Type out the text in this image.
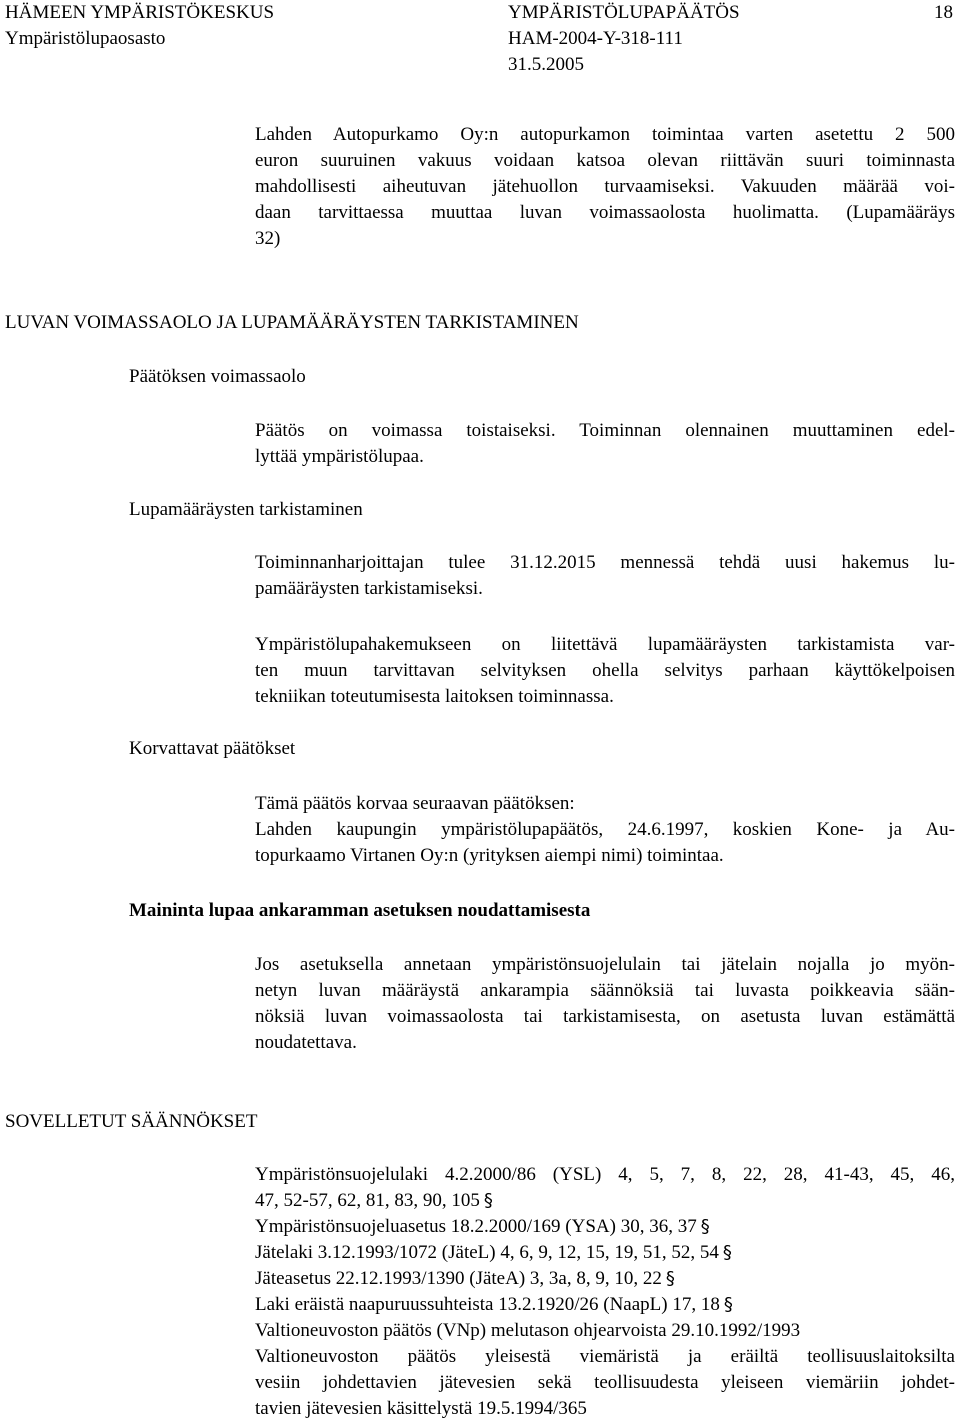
HÄMEEN YMPÄRISTÖKESKUS
Ympäristölupaosasto
YMPÄRISTÖLUPAPÄÄTÖS
HAM-2004-Y-318-111
31.5.2005
18
Lahden Autopurkamo Oy:n autopurkamon toimintaa varten asetettu 2 500
euron suuruinen vakuus voidaan katsoa olevan riittävän suuri toiminnasta
mahdollisesti aiheutuvan jätehuollon turvaamiseksi. Vakuuden määrää voi-
daan tarvittaessa muuttaa luvan voimassaolosta huolimatta. (Lupamääräys
32)
LUVAN VOIMASSAOLO JA LUPAMÄÄRÄYSTEN TARKISTAMINEN
Päätöksen voimassaolo
Päätös on voimassa toistaiseksi. Toiminnan olennainen muuttaminen edel-
lyttää ympäristölupaa.
Lupamääräysten tarkistaminen
Toiminnanharjoittajan tulee 31.12.2015 mennessä tehdä uusi hakemus lu-
pamääräysten tarkistamiseksi.
Ympäristölupahakemukseen on liitettävä lupamääräysten tarkistamista var-
ten muun tarvittavan selvityksen ohella selvitys parhaan käyttökelpoisen
tekniikan toteutumisesta laitoksen toiminnassa.
Korvattavat päätökset
Tämä päätös korvaa seuraavan päätöksen:
Lahden kaupungin ympäristölupapäätös, 24.6.1997, koskien Kone- ja Au-
topurkaamo Virtanen Oy:n (yrityksen aiempi nimi) toimintaa.
Maininta lupaa ankaramman asetuksen noudattamisesta
Jos asetuksella annetaan ympäristönsuojelulain tai jätelain nojalla jo myön-
netyn luvan määräystä ankarampia säännöksiä tai luvasta poikkeavia sään-
nöksiä luvan voimassaolosta tai tarkistamisesta, on asetusta luvan estämättä
noudatettava.
SOVELLETUT SÄÄNNÖKSET
Ympäristönsuojelulaki 4.2.2000/86 (YSL) 4, 5, 7, 8, 22, 28, 41-43, 45, 46,
47, 52-57, 62, 81, 83, 90, 105 §
Ympäristönsuojeluasetus 18.2.2000/169 (YSA) 30, 36, 37 §
Jätelaki 3.12.1993/1072 (JäteL) 4, 6, 9, 12, 15, 19, 51, 52, 54 §
Jäteasetus 22.12.1993/1390 (JäteA) 3, 3a, 8, 9, 10, 22 §
Laki eräistä naapuruussuhteista 13.2.1920/26 (NaapL) 17, 18 §
Valtioneuvoston päätös (VNp) melutason ohjearvoista 29.10.1992/1993
Valtioneuvoston päätös yleisestä viemäristä ja eräiltä teollisuuslaitoksilta
vesiin johdettavien jätevesien sekä teollisuudesta yleiseen viemäriin johdet-
tavien jätevesien käsittelystä 19.5.1994/365
